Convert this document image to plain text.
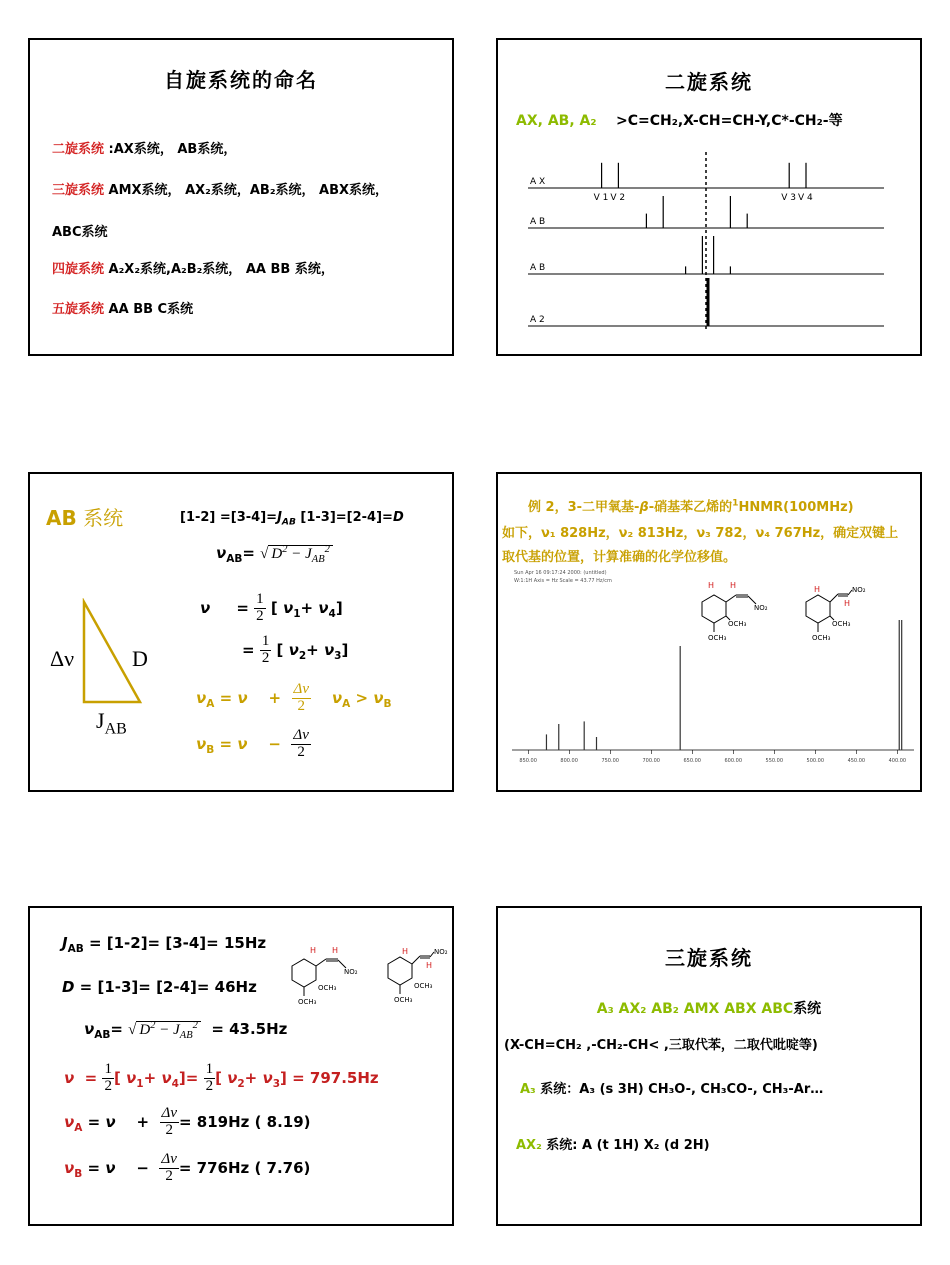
自旋系统的命名
二旋系统 :AX系统， AB系统，
三旋系统 AMX系统， AX₂系统，AB₂系统， ABX系统，
ABC系统
四旋系统 A₂X₂系统,A₂B₂系统， AA BB 系统，
五旋系统 AA BB C系统
二旋系统
AX, AB, A₂ >C=CH₂,X-CH=CH-Y,C*-CH₂-等
A X
V 1 V 2	V 3 V 4
A B
A B
A 2
AB 系统	$[1-2] =[3-4]=J_{AB}$ [1-3]=[2-4]=D
$\nu_{AB}=$ √ $D^2 - J_{AB}^2$
$\nu = \frac{1}{2}$ [ $\nu_1+ \nu_4$]
= $\frac{1}{2}$ [ $\nu_2+ \nu_3$]
$\nu_A = \nu + \frac{\Delta\nu}{2} \nu_A > \nu_B$
$\nu_B = \nu - \frac{\Delta\nu}{2}$
Δν	D
$J_{AB}$
例 2，3-二甲氧基-β-硝基苯乙烯的$^1$HNMR(100MHz)
如下，ν₁ 828Hz，ν₂ 813Hz，ν₃ 782，ν₄ 767Hz，确定双键上
取代基的位置，计算准确的化学位移值。
Sun Apr 16 09:17:24 2000: (untitled)
W:1:1H Axis = Hz Scale = 43.77 Hz/cm	H H
NO₂
OCH₃
OCH₃
H
H
NO₂
OCH₃
OCH₃
850.00	800.00	750.00	700.00	650.00	600.00	550.00	500.00	450.00	400.00
$J_{AB} = [1-2]= [3-4]= 15Hz$
D = [1-3]= [2-4]= 46Hz
H H
NO₂
OCH₃
OCH₃
H
H
NO₂
OCH₃
OCH₃
$\nu_{AB}=$ √ $D^2 - J_{AB}^2 = 43.5Hz$
$\nu = \frac{1}{2}$ [ $\nu_1+ \nu_4]= \frac{1}{2}$ [ $\nu_2+ \nu_3] = 797.5Hz$
$\nu_A = \nu + \frac{\Delta\nu}{2} = 819Hz$ ( 8.19)
$\nu_B = \nu - \frac{\Delta\nu}{2} = 776Hz$ ( 7.76)
三旋系统
A₃ AX₂ AB₂ AMX ABX ABC系统
(X-CH=CH₂ ,-CH₂-CH< ,三取代苯，二取代吡啶等)
A₃ 系统：A₃ (s 3H) CH₃O-, CH₃CO-, CH₃-Ar…
AX₂ 系统: A (t 1H) X₂ (d 2H)
